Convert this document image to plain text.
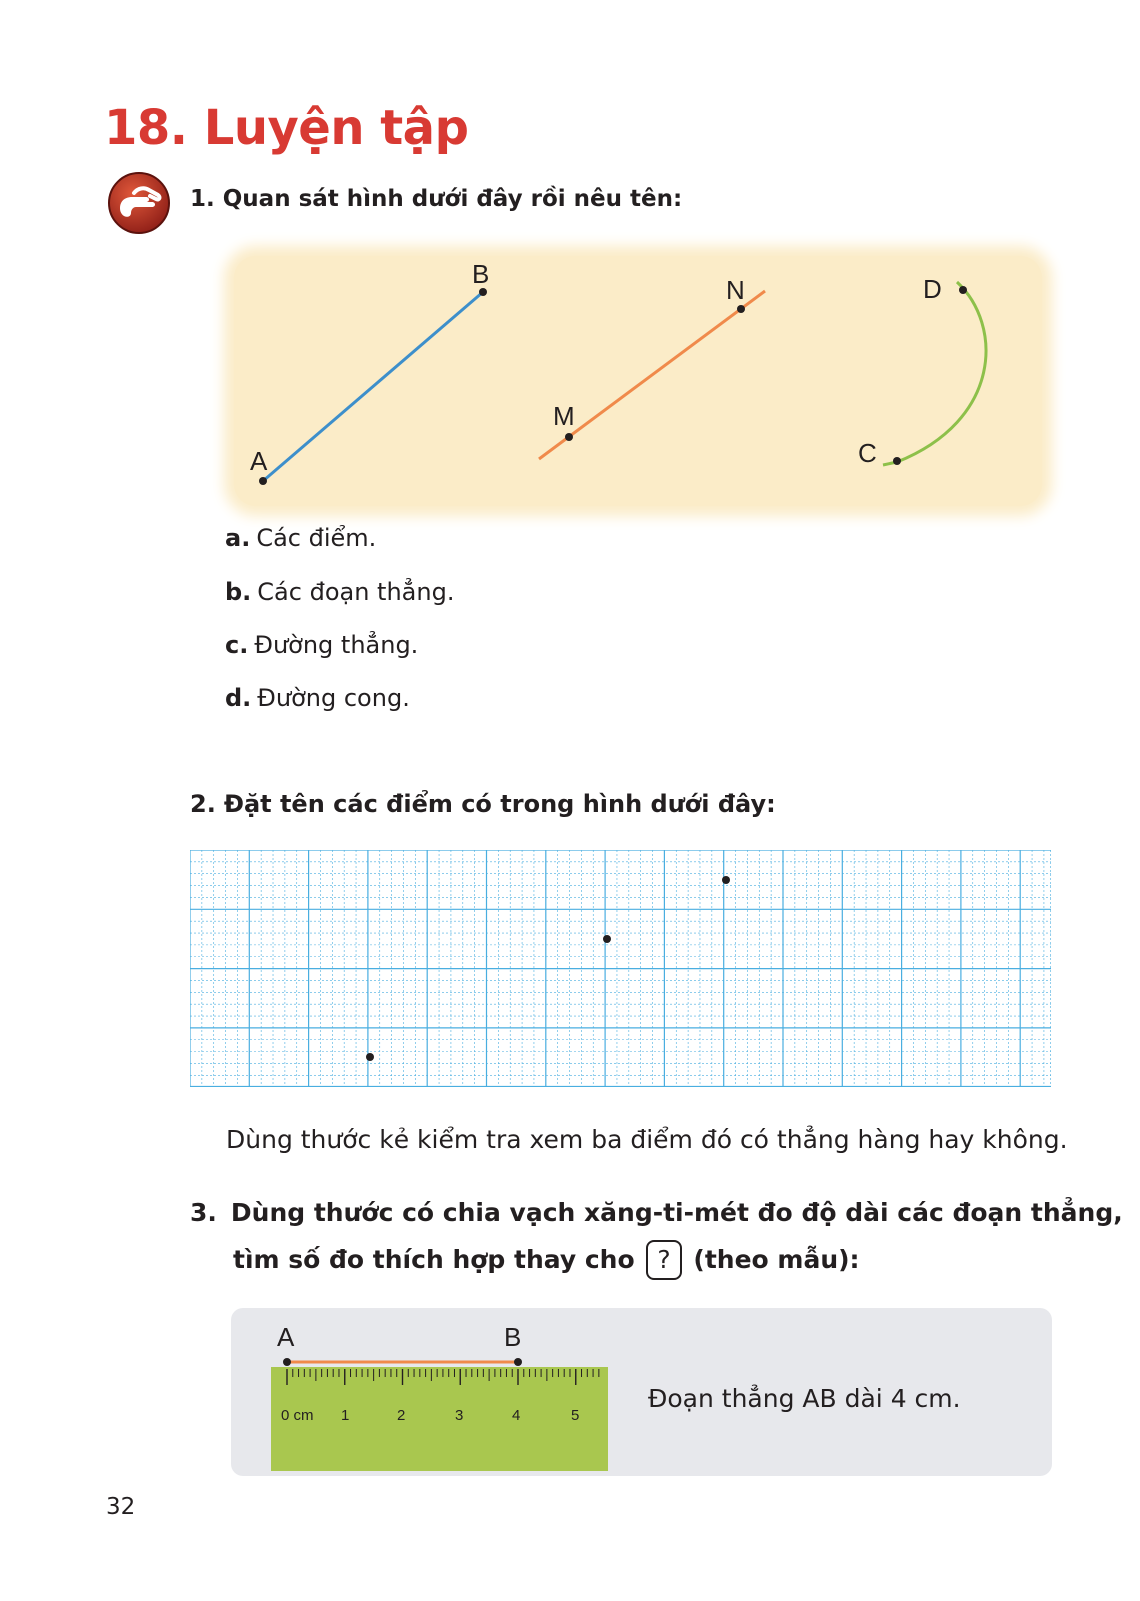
18. Luyện tập
1. Quan sát hình dưới đây rồi nêu tên:
A
B
M
N	D
C
a. Các điểm.
b. Các đoạn thẳng.
c. Đường thẳng.
d. Đường cong.
2. Đặt tên các điểm có trong hình dưới đây:
Dùng thước kẻ kiểm tra xem ba điểm đó có thẳng hàng hay không.
3. Dùng thước có chia vạch xăng-ti-mét đo độ dài các đoạn thẳng,
tìm số đo thích hợp thay cho ? (theo mẫu):
0 cm 1	2	3	4	5
A	B
Đoạn thẳng AB dài 4 cm.
32
